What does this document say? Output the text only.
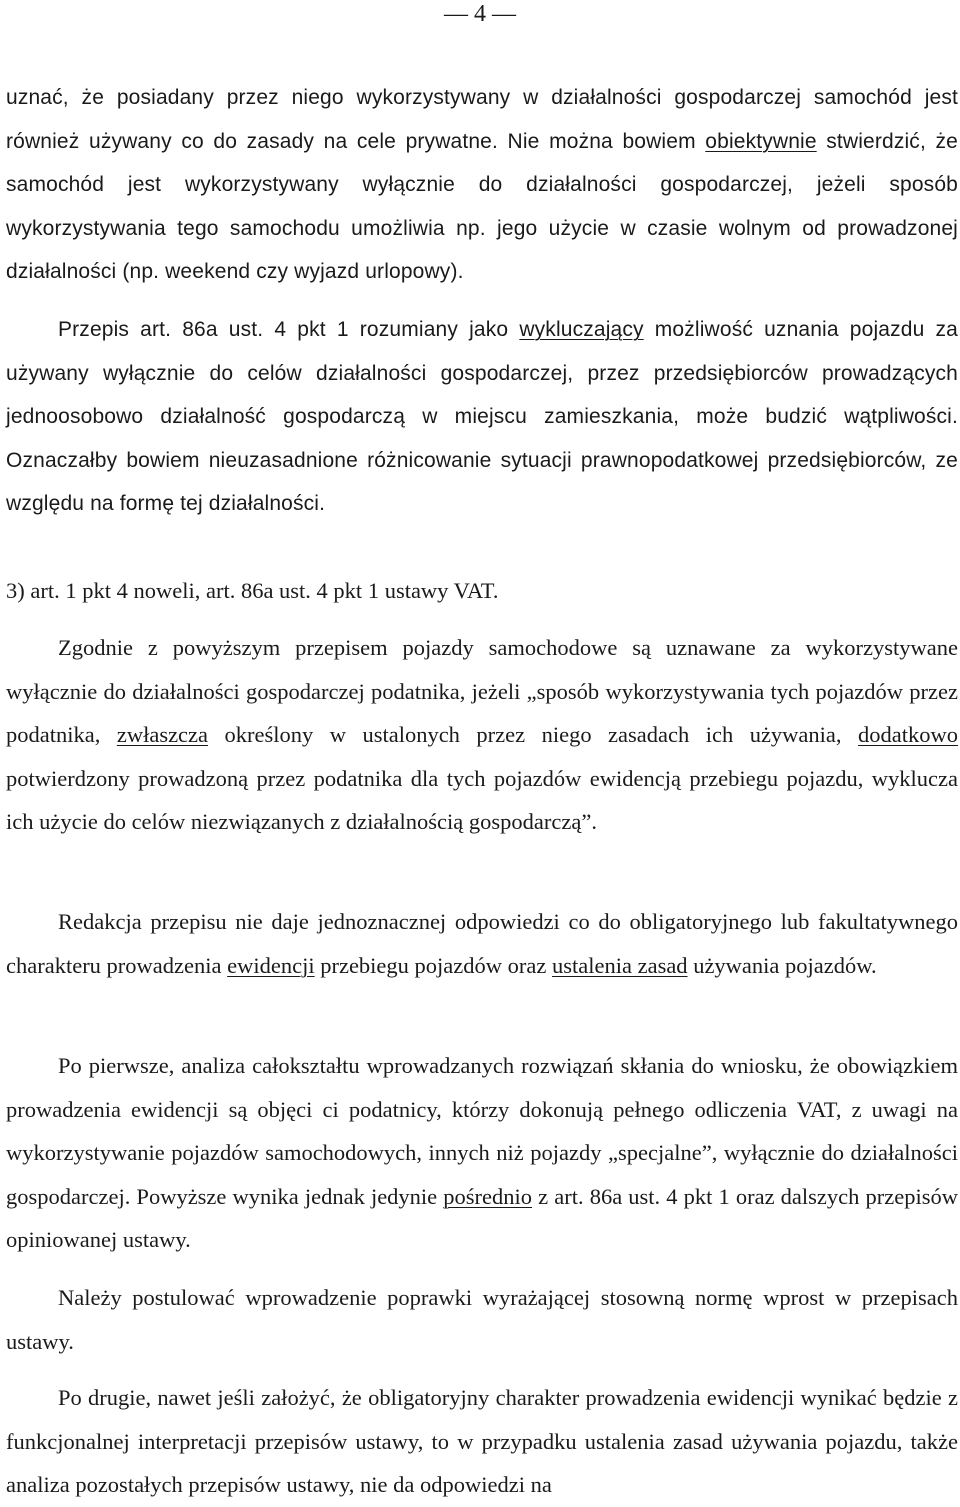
— 4 —

uznać, że posiadany przez niego wykorzystywany w działalności gospodarczej samochód jest również używany co do zasady na cele prywatne. Nie można bowiem obiektywnie stwierdzić, że samochód jest wykorzystywany wyłącznie do działalności gospodarczej, jeżeli sposób wykorzystywania tego samochodu umożliwia np. jego użycie w czasie wolnym od prowadzonej działalności (np. weekend czy wyjazd urlopowy).

Przepis art. 86a ust. 4 pkt 1 rozumiany jako wykluczający możliwość uznania pojazdu za używany wyłącznie do celów działalności gospodarczej, przez przedsiębiorców prowadzących jednoosobowo działalność gospodarczą w miejscu zamieszkania, może budzić wątpliwości. Oznaczałby bowiem nieuzasadnione różnicowanie sytuacji prawnopodatkowej przedsiębiorców, ze względu na formę tej działalności.

3) art. 1 pkt 4 noweli, art. 86a ust. 4 pkt 1 ustawy VAT.

Zgodnie z powyższym przepisem pojazdy samochodowe są uznawane za wykorzystywane wyłącznie do działalności gospodarczej podatnika, jeżeli „sposób wykorzystywania tych pojazdów przez podatnika, zwłaszcza określony w ustalonych przez niego zasadach ich używania, dodatkowo potwierdzony prowadzoną przez podatnika dla tych pojazdów ewidencją przebiegu pojazdu, wyklucza ich użycie do celów niezwiązanych z działalnością gospodarczą”.

Redakcja przepisu nie daje jednoznacznej odpowiedzi co do obligatoryjnego lub fakultatywnego charakteru prowadzenia ewidencji przebiegu pojazdów oraz ustalenia zasad używania pojazdów.

Po pierwsze, analiza całokształtu wprowadzanych rozwiązań skłania do wniosku, że obowiązkiem prowadzenia ewidencji są objęci ci podatnicy, którzy dokonują pełnego odliczenia VAT, z uwagi na wykorzystywanie pojazdów samochodowych, innych niż pojazdy „specjalne”, wyłącznie do działalności gospodarczej. Powyższe wynika jednak jedynie pośrednio z art. 86a ust. 4 pkt 1 oraz dalszych przepisów opiniowanej ustawy.

Należy postulować wprowadzenie poprawki wyrażającej stosowną normę wprost w przepisach ustawy.

Po drugie, nawet jeśli założyć, że obligatoryjny charakter prowadzenia ewidencji wynikać będzie z funkcjonalnej interpretacji przepisów ustawy, to w przypadku ustalenia zasad używania pojazdu, także analiza pozostałych przepisów ustawy, nie da odpowiedzi na
